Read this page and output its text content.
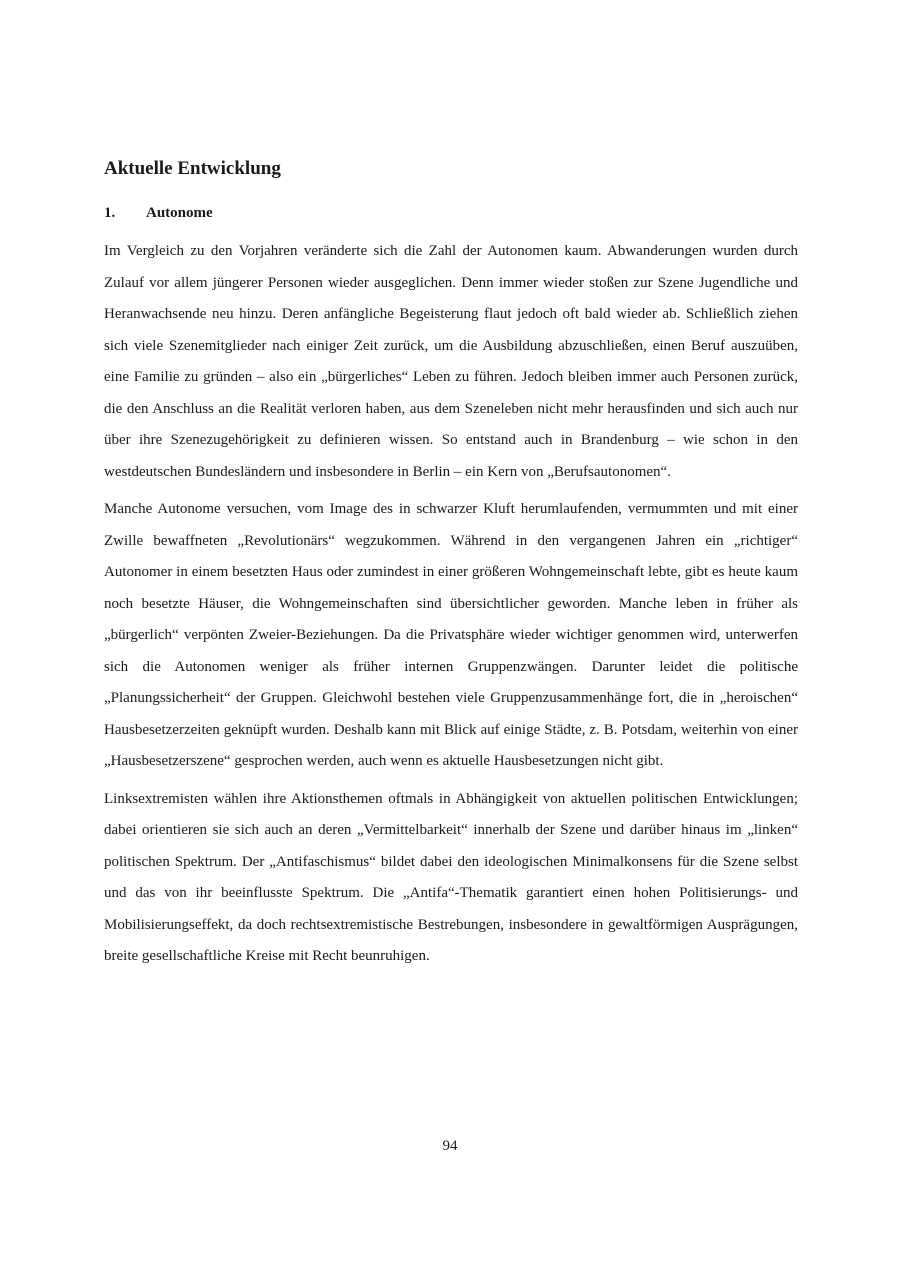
Aktuelle Entwicklung
1.	Autonome

Im Vergleich zu den Vorjahren veränderte sich die Zahl der Autonomen kaum. Abwanderungen wurden durch Zulauf vor allem jüngerer Personen wieder ausgeglichen. Denn immer wieder stoßen zur Szene Jugendliche und Heranwachsende neu hinzu. Deren anfängliche Begeisterung flaut jedoch oft bald wieder ab. Schließlich ziehen sich viele Szenemitglieder nach einiger Zeit zurück, um die Ausbildung abzuschließen, einen Beruf auszuüben, eine Familie zu gründen – also ein „bürgerliches“ Leben zu führen. Jedoch bleiben immer auch Personen zurück, die den Anschluss an die Realität verloren haben, aus dem Szeneleben nicht mehr herausfinden und sich auch nur über ihre Szenezugehörigkeit zu definieren wissen. So entstand auch in Brandenburg – wie schon in den westdeutschen Bundesländern und insbesondere in Berlin – ein Kern von „Berufsautonomen“.

Manche Autonome versuchen, vom Image des in schwarzer Kluft herumlaufenden, vermummten und mit einer Zwille bewaffneten „Revolutionärs“ wegzukommen. Während in den vergangenen Jahren ein „richtiger“ Autonomer in einem besetzten Haus oder zumindest in einer größeren Wohngemeinschaft lebte, gibt es heute kaum noch besetzte Häuser, die Wohngemeinschaften sind übersichtlicher geworden. Manche leben in früher als „bürgerlich“ verpönten Zweier-Beziehungen. Da die Privatsphäre wieder wichtiger genommen wird, unterwerfen sich die Autonomen weniger als früher internen Gruppenzwängen. Darunter leidet die politische „Planungssicherheit“ der Gruppen. Gleichwohl bestehen viele Gruppenzusammenhänge fort, die in „heroischen“ Hausbesetzerzeiten geknüpft wurden. Deshalb kann mit Blick auf einige Städte, z. B. Potsdam, weiterhin von einer „Hausbesetzerszene“ gesprochen werden, auch wenn es aktuelle Hausbesetzungen nicht gibt.

Linksextremisten wählen ihre Aktionsthemen oftmals in Abhängigkeit von aktuellen politischen Entwicklungen; dabei orientieren sie sich auch an deren „Vermittelbarkeit“ innerhalb der Szene und darüber hinaus im „linken“ politischen Spektrum. Der „Antifaschismus“ bildet dabei den ideologischen Minimalkonsens für die Szene selbst und das von ihr beeinflusste Spektrum. Die „Antifa“-Thematik garantiert einen hohen Politisierungs- und Mobilisierungseffekt, da doch rechtsextremistische Bestrebungen, insbesondere in gewaltförmigen Ausprägungen, breite gesellschaftliche Kreise mit Recht beunruhigen.

94
